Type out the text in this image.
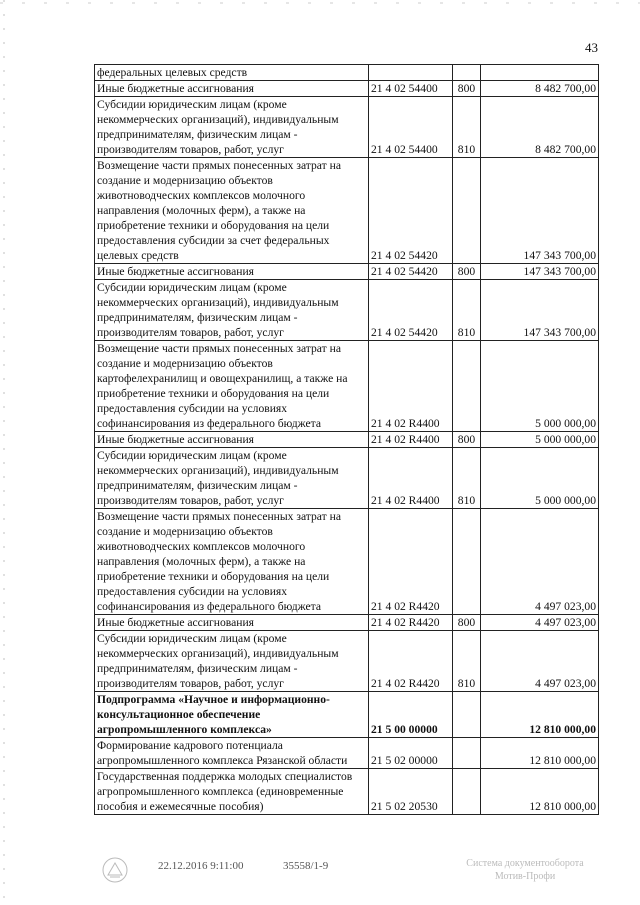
43
федеральных целевых средств			
Иные бюджетные ассигнования	21 4 02 54400	800	8 482 700,00
Субсидии юридическим лицам (кроме некоммерческих организаций), индивидуальным предпринимателям, физическим лицам - производителям товаров, работ, услуг	21 4 02 54400	810	8 482 700,00
Возмещение части прямых понесенных затрат на создание и модернизацию объектов животноводческих комплексов молочного направления (молочных ферм), а также на приобретение техники и оборудования на цели предоставления субсидии за счет федеральных целевых средств	21 4 02 54420		147 343 700,00
Иные бюджетные ассигнования	21 4 02 54420	800	147 343 700,00
Субсидии юридическим лицам (кроме некоммерческих организаций), индивидуальным предпринимателям, физическим лицам - производителям товаров, работ, услуг	21 4 02 54420	810	147 343 700,00
Возмещение части прямых понесенных затрат на создание и модернизацию объектов картофелехранилищ и овощехранилищ, а также на приобретение техники и оборудования на цели предоставления субсидии на условиях софинансирования из федерального бюджета	21 4 02 R4400		5 000 000,00
Иные бюджетные ассигнования	21 4 02 R4400	800	5 000 000,00
Субсидии юридическим лицам (кроме некоммерческих организаций), индивидуальным предпринимателям, физическим лицам - производителям товаров, работ, услуг	21 4 02 R4400	810	5 000 000,00
Возмещение части прямых понесенных затрат на создание и модернизацию объектов животноводческих комплексов молочного направления (молочных ферм), а также на приобретение техники и оборудования на цели предоставления субсидии на условиях софинансирования из федерального бюджета	21 4 02 R4420		4 497 023,00
Иные бюджетные ассигнования	21 4 02 R4420	800	4 497 023,00
Субсидии юридическим лицам (кроме некоммерческих организаций), индивидуальным предпринимателям, физическим лицам - производителям товаров, работ, услуг	21 4 02 R4420	810	4 497 023,00
Подпрограмма «Научное и информационно-консультационное обеспечение агропромышленного комплекса»	21 5 00 00000		12 810 000,00
Формирование кадрового потенциала агропромышленного комплекса Рязанской области	21 5 02 00000		12 810 000,00
Государственная поддержка молодых специалистов агропромышленного комплекса (единовременные пособия и ежемесячные пособия)	21 5 02 20530		12 810 000,00
22.12.2016 9:11:00	35558/1-9	Система документооборота
Мотив-Профи
